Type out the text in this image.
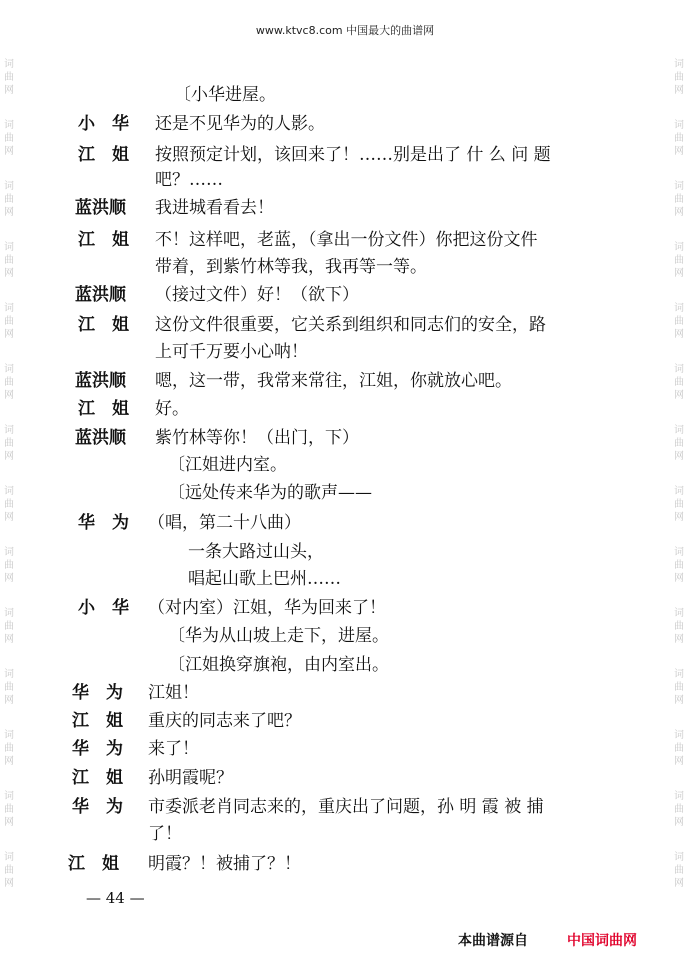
www.ktvc8.com 中国最大的曲谱网
词
曲
网
词
曲
网
词
曲
网
词
曲
网
词
曲
网
词
曲
网
词
曲
网
词
曲
网
词
曲
网
词
曲
网
词
曲
网
词
曲
网
词
曲
网
词
曲
网
词
曲
网
词
曲
网
词
曲
网
词
曲
网
词
曲
网
词
曲
网
词
曲
网
词
曲
网
词
曲
网
词
曲
网
词
曲
网
词
曲
网
词
曲
网
词
曲
网
〔小华进屋。
小　华 还是不见华为的人影。
江　姐 按照预定计划，该回来了！……别是出了 什 么 问 题
吧？……
蓝洪顺 我进城看看去！
江　姐 不！这样吧，老蓝，（拿出一份文件）你把这份文件
带着，到紫竹林等我，我再等一等。
蓝洪顺 （接过文件）好！（欲下）
江　姐 这份文件很重要，它关系到组织和同志们的安全，路
上可千万要小心呐！
蓝洪顺 嗯，这一带，我常来常往，江姐，你就放心吧。
江　姐 好。
蓝洪顺 紫竹林等你！（出门，下）
〔江姐进内室。
〔远处传来华为的歌声——
华　为 （唱，第二十八曲）
一条大路过山头，
唱起山歌上巴州……
小　华 （对内室）江姐，华为回来了！
〔华为从山坡上走下，进屋。
〔江姐换穿旗袍，由内室出。
华　为 江姐！
江　姐 重庆的同志来了吧？
华　为 来了！
江　姐 孙明霞呢？
华　为 市委派老肖同志来的，重庆出了问题，孙 明 霞 被 捕
了！
江　姐 明霞？！被捕了？！
— 44 —
本曲谱源自	中国词曲网
